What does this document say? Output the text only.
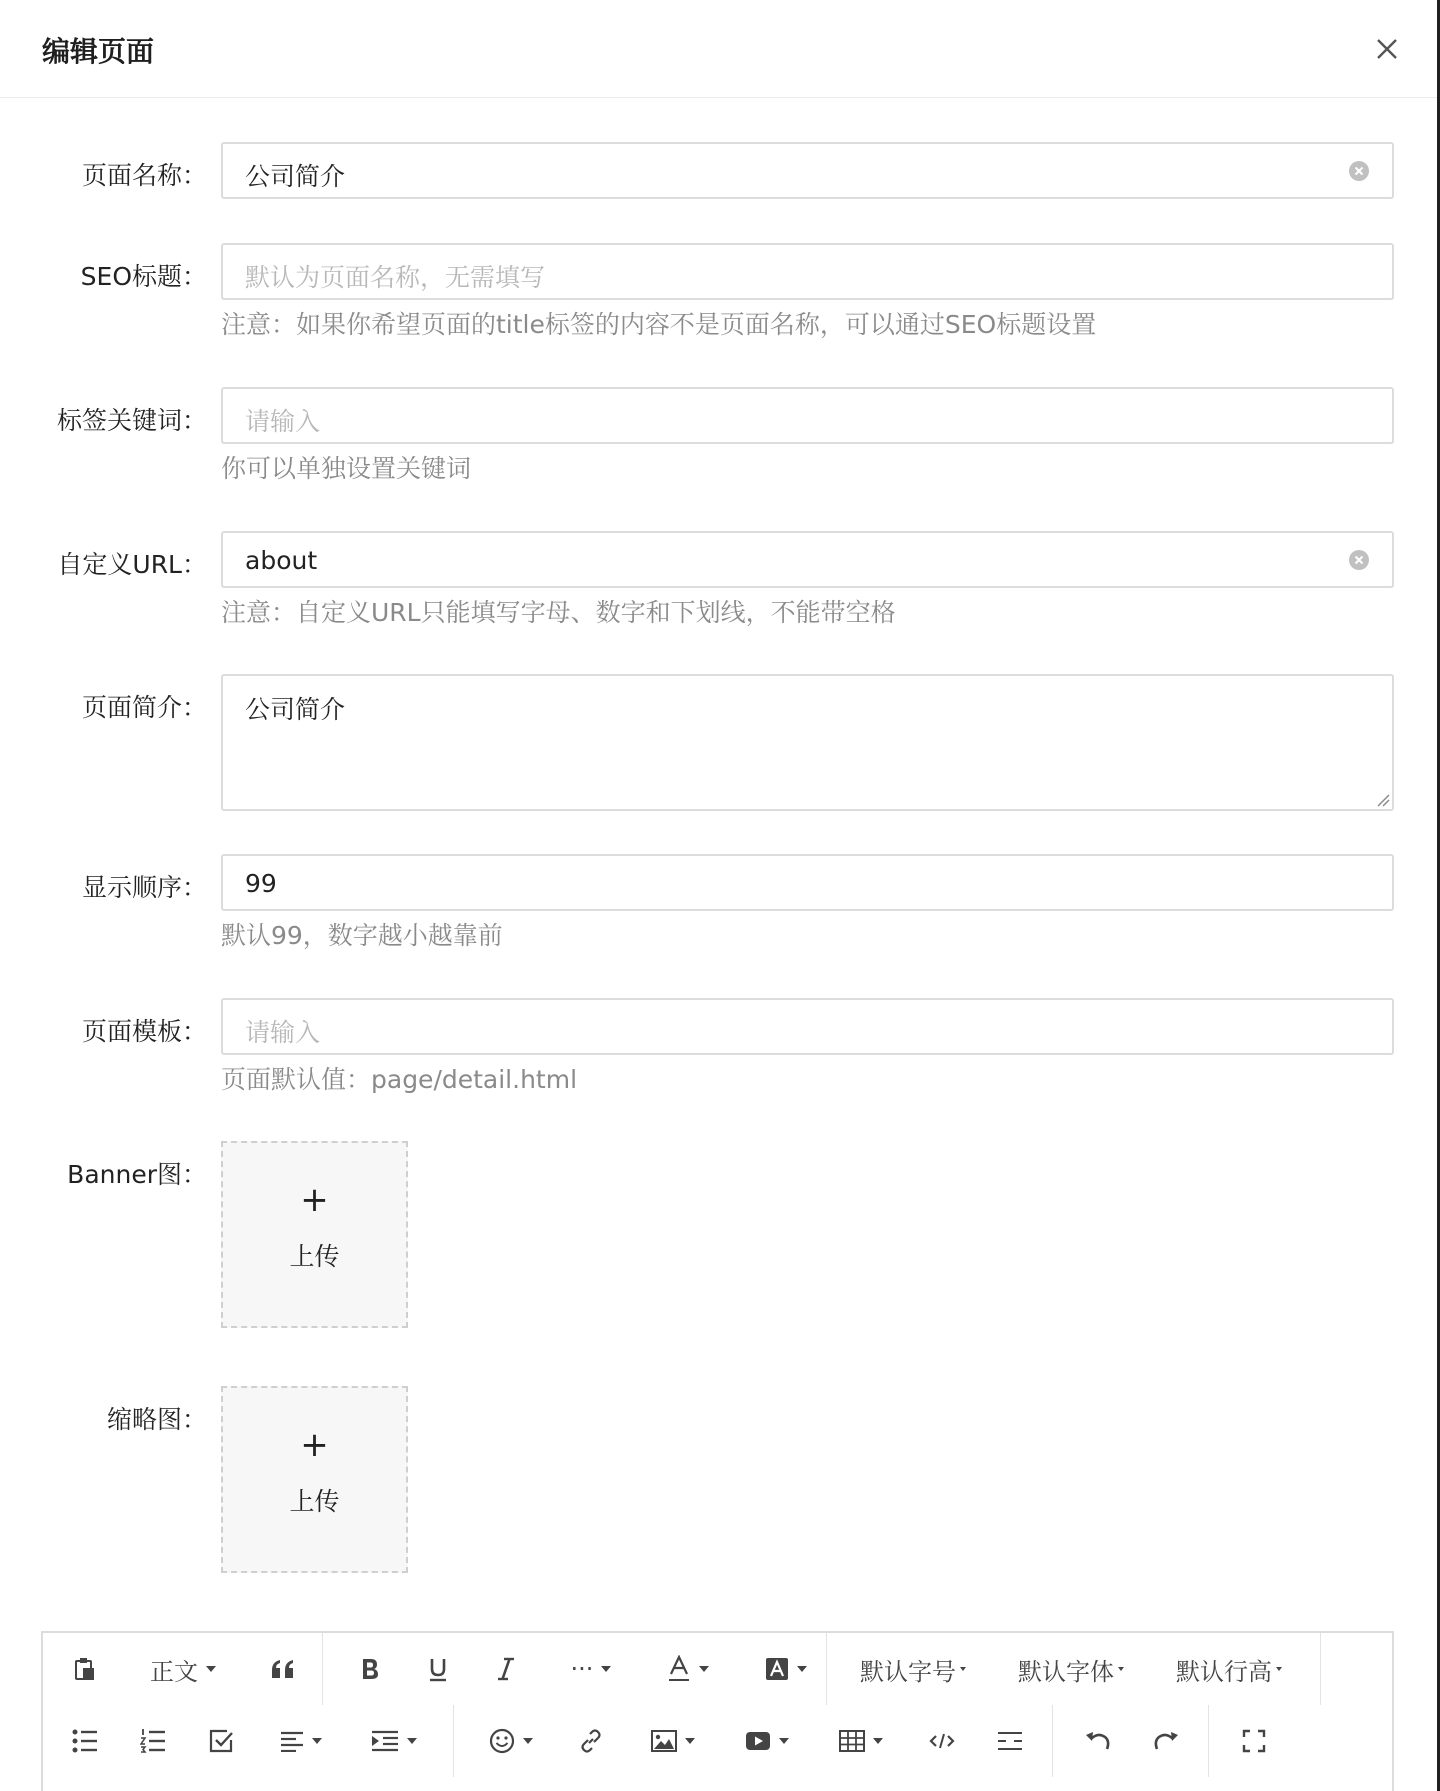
编辑页面
页面名称： 公司简介
SEO标题： 默认为页面名称，无需填写
注意：如果你希望页面的title标签的内容不是页面名称，可以通过SEO标题设置
标签关键词： 请输入
你可以单独设置关键词
自定义URL： about
注意：自定义URL只能填写字母、数字和下划线，不能带空格
页面简介： 公司简介
显示顺序： 99
默认99，数字越小越靠前
页面模板： 请输入
页面默认值：page/detail.html
Banner图：
+
上传
缩略图：
+
上传
正文	···	默认字号	默认字体	默认行高
